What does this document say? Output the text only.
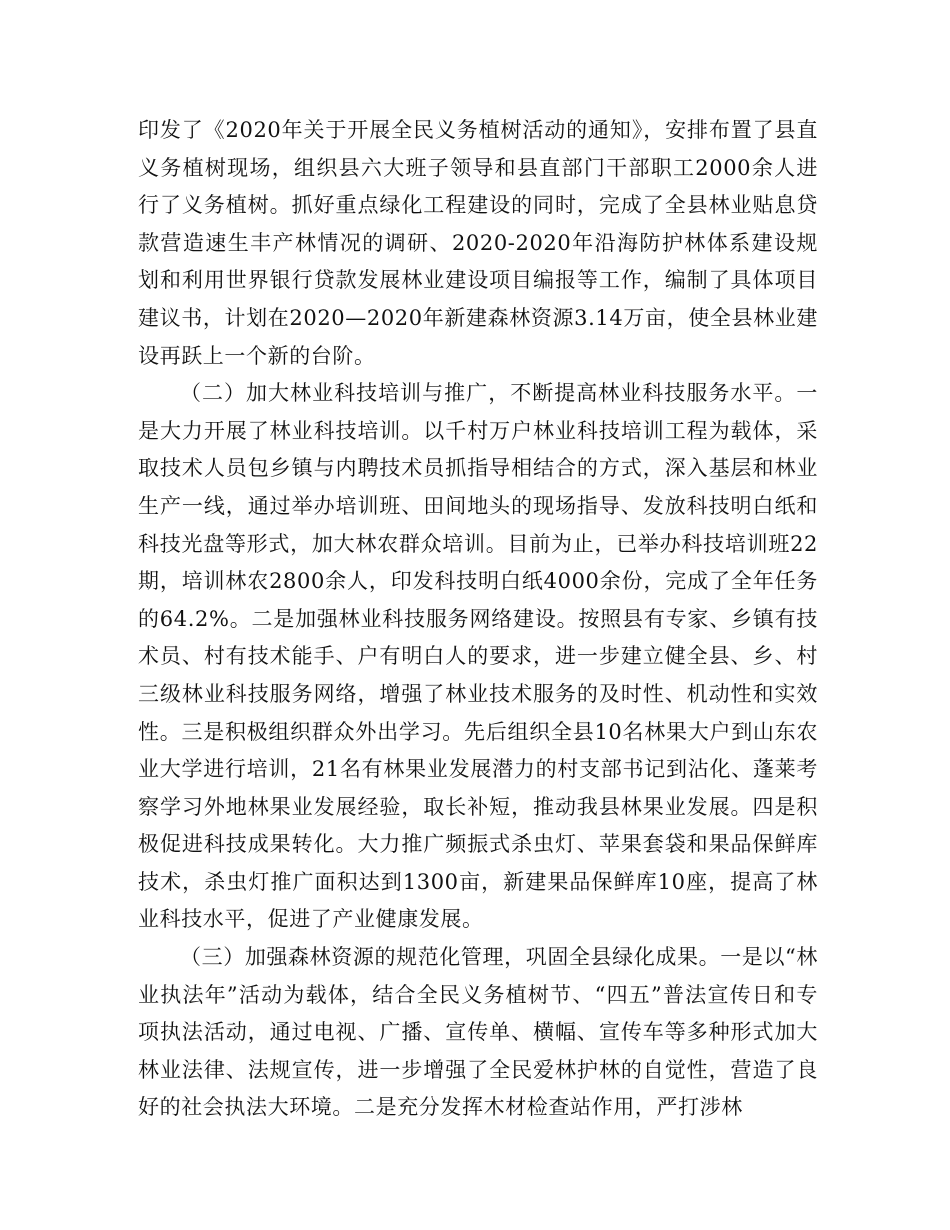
印发了《2020年关于开展全民义务植树活动的通知》，安排布置了县直义务植树现场，组织县六大班子领导和县直部门干部职工2000余人进行了义务植树。抓好重点绿化工程建设的同时，完成了全县林业贴息贷款营造速生丰产林情况的调研、2020-2020年沿海防护林体系建设规划和利用世界银行贷款发展林业建设项目编报等工作，编制了具体项目建议书，计划在2020—2020年新建森林资源3.14万亩，使全县林业建设再跃上一个新的台阶。

（二）加大林业科技培训与推广，不断提高林业科技服务水平。一是大力开展了林业科技培训。以千村万户林业科技培训工程为载体，采取技术人员包乡镇与内聘技术员抓指导相结合的方式，深入基层和林业生产一线，通过举办培训班、田间地头的现场指导、发放科技明白纸和科技光盘等形式，加大林农群众培训。目前为止，已举办科技培训班22期，培训林农2800余人，印发科技明白纸4000余份，完成了全年任务的64.2%。二是加强林业科技服务网络建设。按照县有专家、乡镇有技术员、村有技术能手、户有明白人的要求，进一步建立健全县、乡、村三级林业科技服务网络，增强了林业技术服务的及时性、机动性和实效性。三是积极组织群众外出学习。先后组织全县10名林果大户到山东农业大学进行培训，21名有林果业发展潜力的村支部书记到沾化、蓬莱考察学习外地林果业发展经验，取长补短，推动我县林果业发展。四是积极促进科技成果转化。大力推广频振式杀虫灯、苹果套袋和果品保鲜库技术，杀虫灯推广面积达到1300亩，新建果品保鲜库10座，提高了林业科技水平，促进了产业健康发展。

（三）加强森林资源的规范化管理，巩固全县绿化成果。一是以“林业执法年”活动为载体，结合全民义务植树节、“四五”普法宣传日和专项执法活动，通过电视、广播、宣传单、横幅、宣传车等多种形式加大林业法律、法规宣传，进一步增强了全民爱林护林的自觉性，营造了良好的社会执法大环境。二是充分发挥木材检查站作用，严打涉林
